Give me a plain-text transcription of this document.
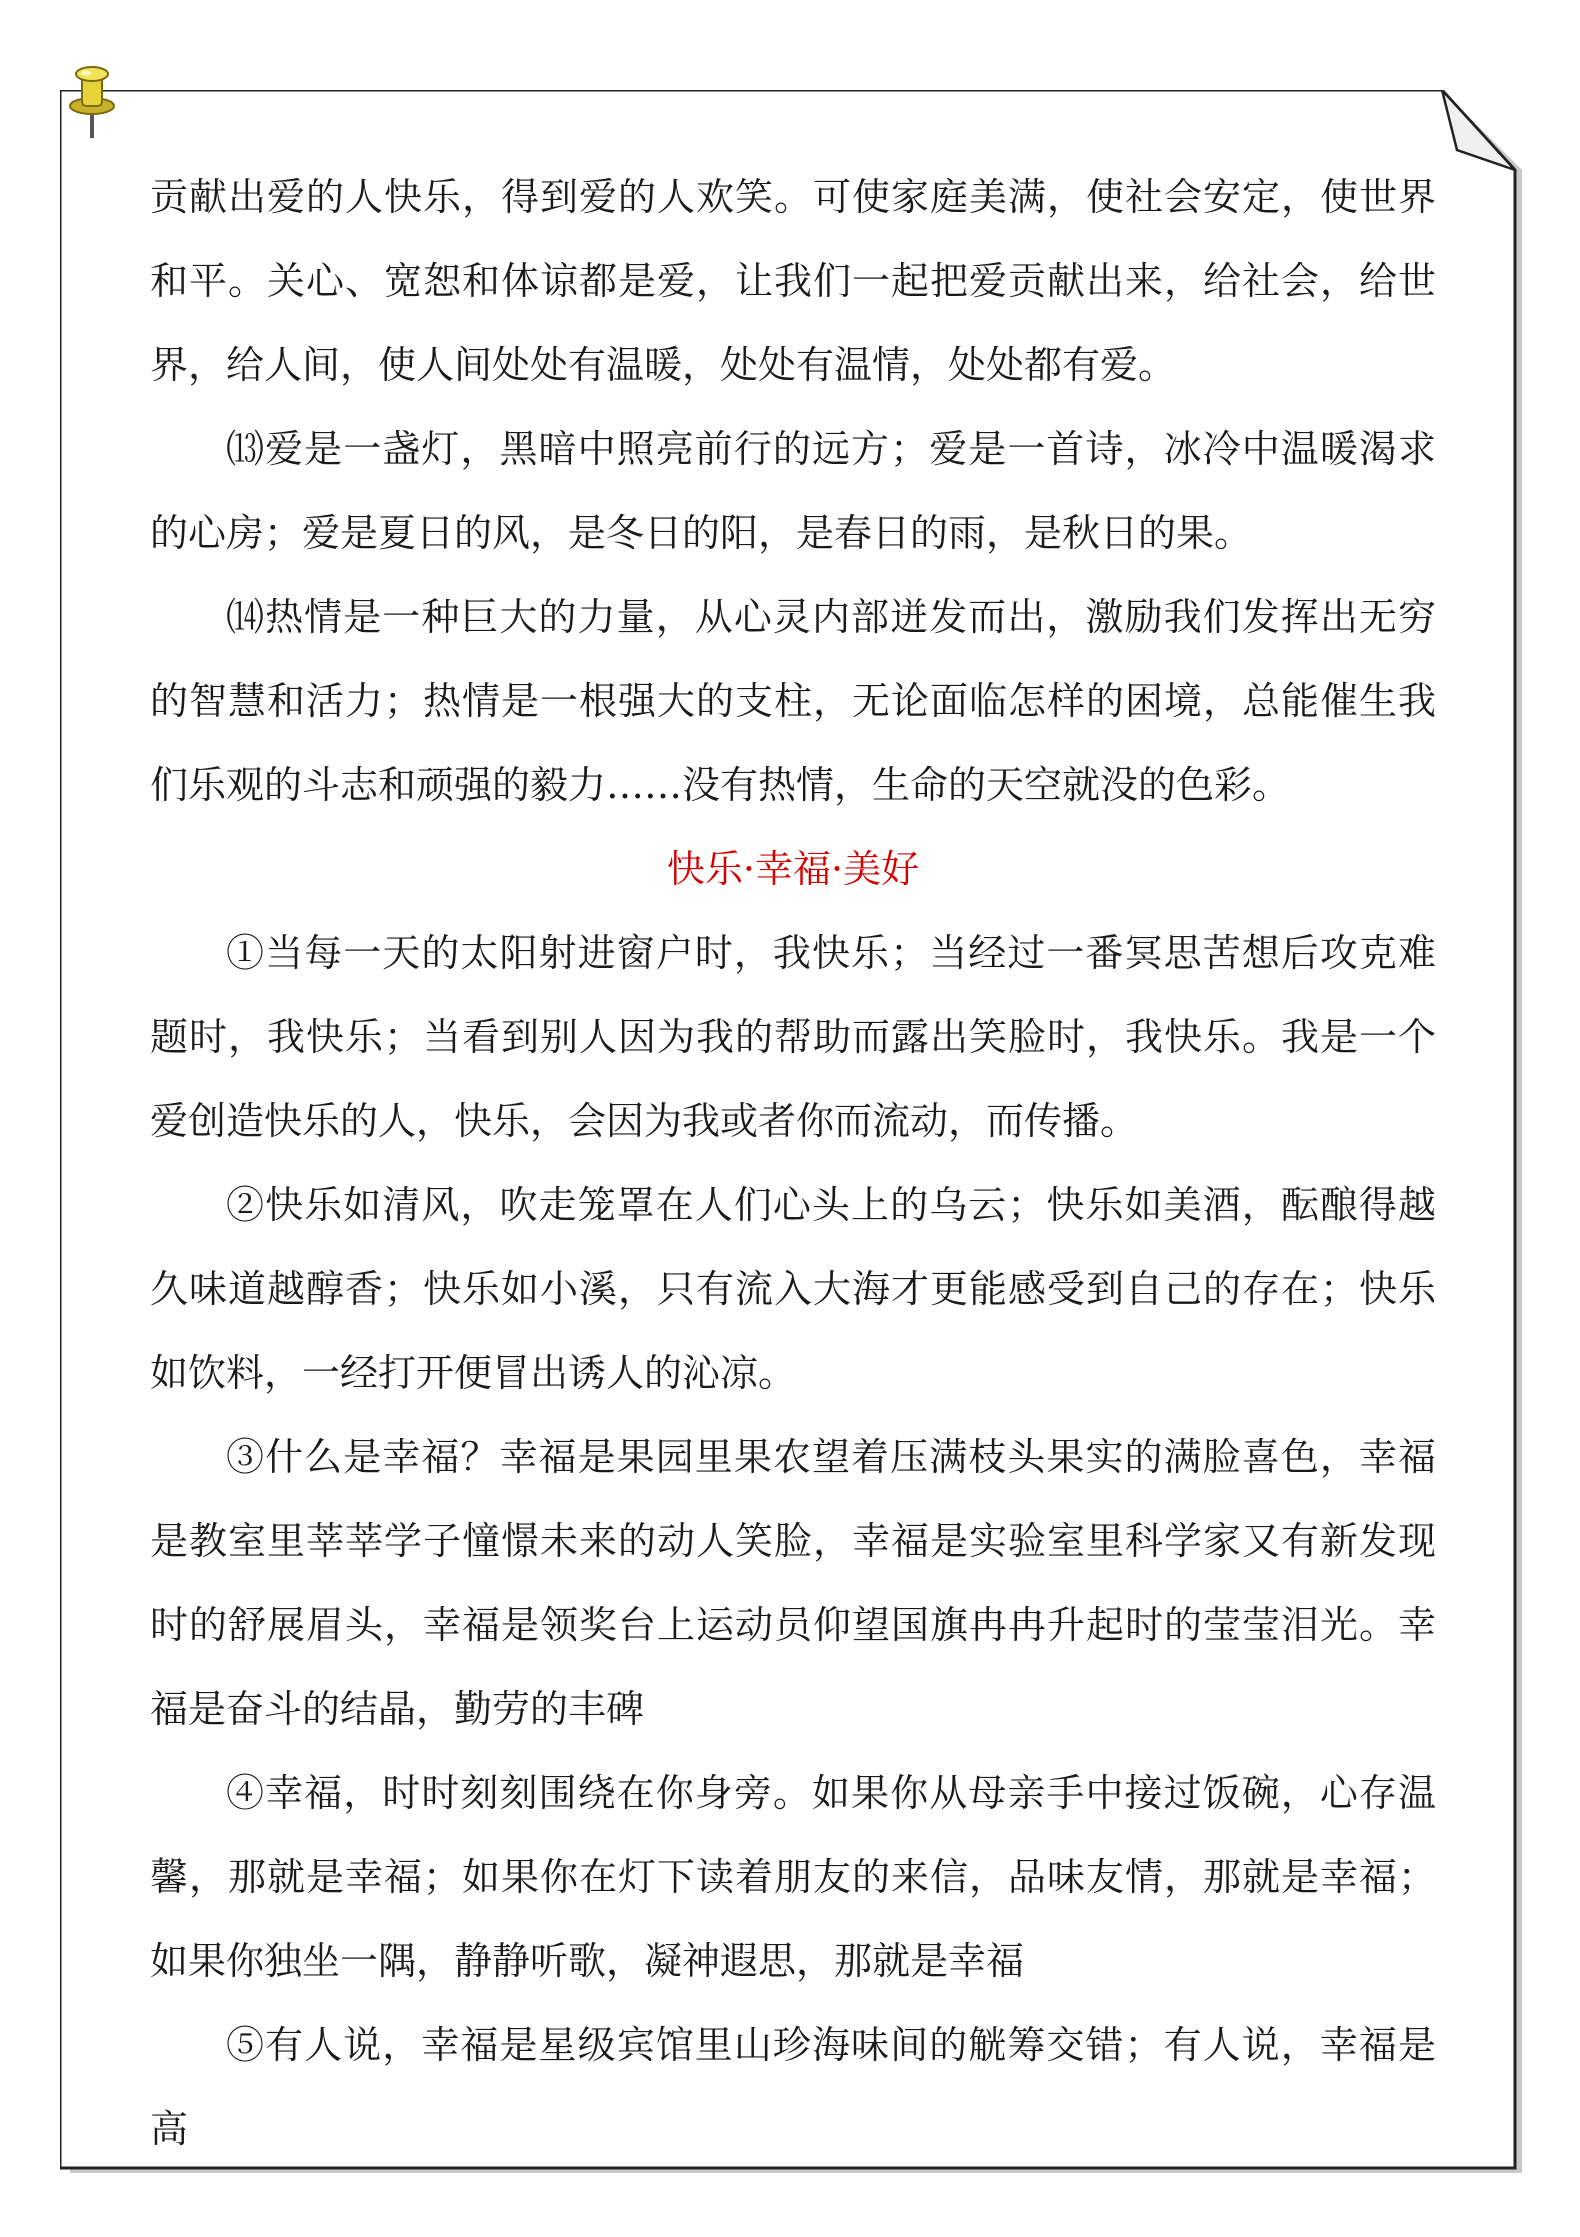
贡献出爱的人快乐，得到爱的人欢笑。可使家庭美满，使社会安定，使世界和平。关心、宽恕和体谅都是爱，让我们一起把爱贡献出来，给社会，给世界，给人间，使人间处处有温暖，处处有温情，处处都有爱。

⒀爱是一盏灯，黑暗中照亮前行的远方；爱是一首诗，冰冷中温暖渴求的心房；爱是夏日的风，是冬日的阳，是春日的雨，是秋日的果。

⒁热情是一种巨大的力量，从心灵内部迸发而出，激励我们发挥出无穷的智慧和活力；热情是一根强大的支柱，无论面临怎样的困境，总能催生我们乐观的斗志和顽强的毅力……没有热情，生命的天空就没的色彩。

快乐·幸福·美好

①当每一天的太阳射进窗户时，我快乐；当经过一番冥思苦想后攻克难题时，我快乐；当看到别人因为我的帮助而露出笑脸时，我快乐。我是一个爱创造快乐的人，快乐，会因为我或者你而流动，而传播。

②快乐如清风，吹走笼罩在人们心头上的乌云；快乐如美酒，酝酿得越久味道越醇香；快乐如小溪，只有流入大海才更能感受到自己的存在；快乐如饮料，一经打开便冒出诱人的沁凉。

③什么是幸福？幸福是果园里果农望着压满枝头果实的满脸喜色，幸福是教室里莘莘学子憧憬未来的动人笑脸，幸福是实验室里科学家又有新发现时的舒展眉头，幸福是领奖台上运动员仰望国旗冉冉升起时的莹莹泪光。幸福是奋斗的结晶，勤劳的丰碑

④幸福，时时刻刻围绕在你身旁。如果你从母亲手中接过饭碗，心存温馨，那就是幸福；如果你在灯下读着朋友的来信，品味友情，那就是幸福；如果你独坐一隅，静静听歌，凝神遐思，那就是幸福

⑤有人说，幸福是星级宾馆里山珍海味间的觥筹交错；有人说，幸福是高
